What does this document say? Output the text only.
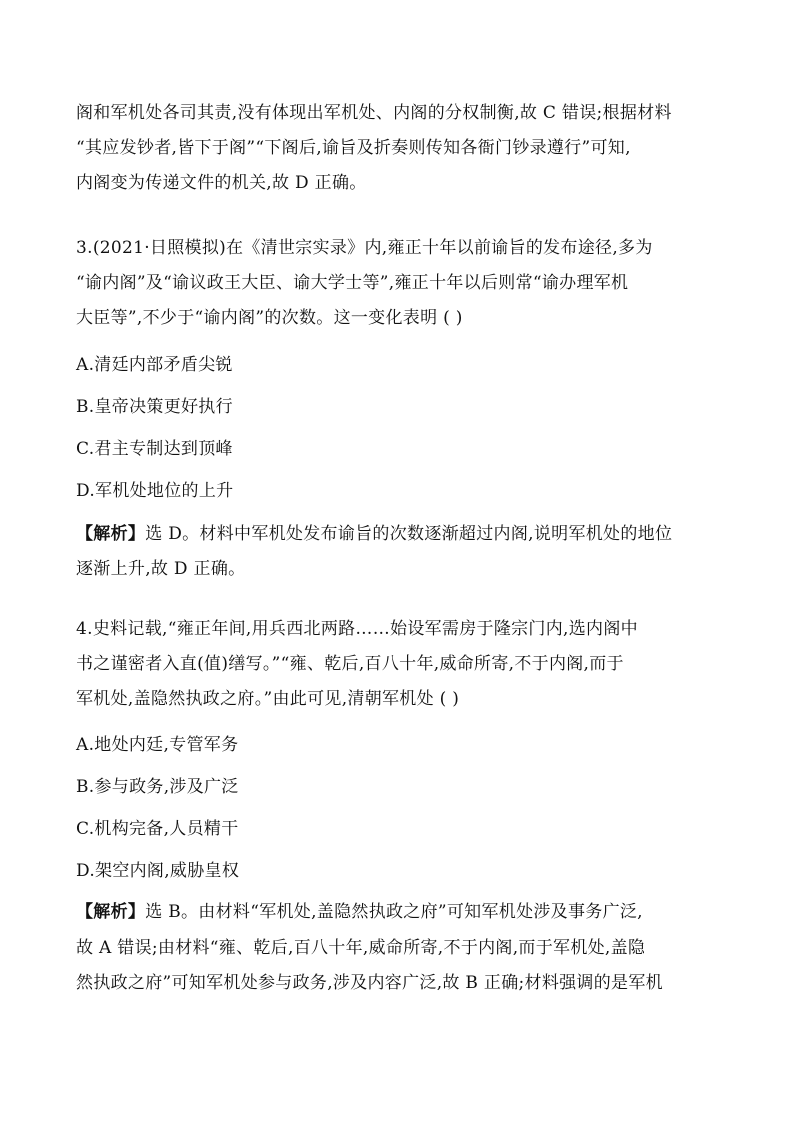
阁和军机处各司其责,没有体现出军机处、内阁的分权制衡,故 C 错误;根据材料
“其应发钞者,皆下于阁”“下阁后,谕旨及折奏则传知各衙门钞录遵行”可知,
内阁变为传递文件的机关,故 D 正确。
3.(2021·日照模拟)在《清世宗实录》内,雍正十年以前谕旨的发布途径,多为
“谕内阁”及“谕议政王大臣、谕大学士等”,雍正十年以后则常“谕办理军机
大臣等”,不少于“谕内阁”的次数。这一变化表明 ( )
A.清廷内部矛盾尖锐
B.皇帝决策更好执行
C.君主专制达到顶峰
D.军机处地位的上升
【解析】选 D。材料中军机处发布谕旨的次数逐渐超过内阁,说明军机处的地位
逐渐上升,故 D 正确。
4.史料记载,“雍正年间,用兵西北两路……始设军需房于隆宗门内,选内阁中
书之谨密者入直(值)缮写。”“雍、乾后,百八十年,威命所寄,不于内阁,而于
军机处,盖隐然执政之府。”由此可见,清朝军机处 ( )
A.地处内廷,专管军务
B.参与政务,涉及广泛
C.机构完备,人员精干
D.架空内阁,威胁皇权
【解析】选 B。由材料“军机处,盖隐然执政之府”可知军机处涉及事务广泛,
故 A 错误;由材料“雍、乾后,百八十年,威命所寄,不于内阁,而于军机处,盖隐
然执政之府”可知军机处参与政务,涉及内容广泛,故 B 正确;材料强调的是军机
